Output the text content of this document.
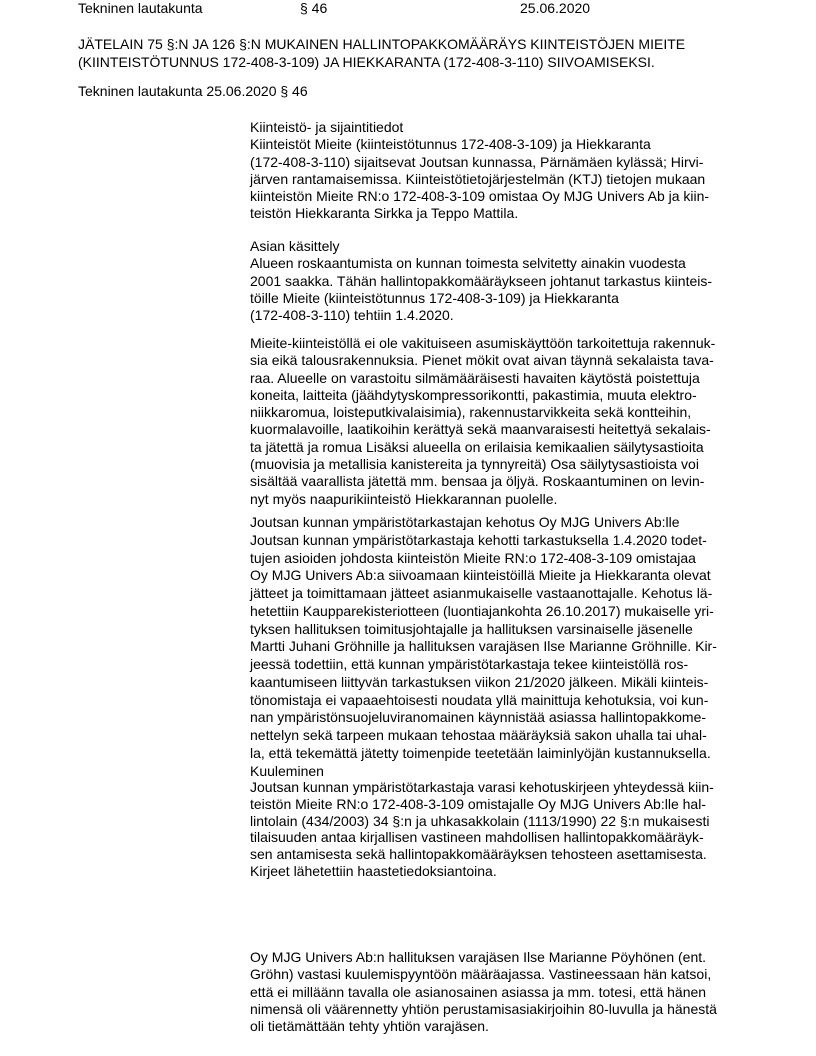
Tekninen lautakunta	§ 46	25.06.2020
JÄTELAIN 75 §:N JA 126 §:N MUKAINEN HALLINTOPAKKOMÄÄRÄYS KIINTEISTÖJEN MIEITE
(KIINTEISTÖTUNNUS 172-408-3-109) JA HIEKKARANTA (172-408-3-110) SIIVOAMISEKSI.
Tekninen lautakunta 25.06.2020 § 46
Kiinteistö- ja sijaintitiedot
Kiinteistöt Mieite (kiinteistötunnus 172-408-3-109) ja Hiekkaranta
(172-408-3-110) sijaitsevat Joutsan kunnassa, Pärnämäen kylässä; Hirvi-
järven rantamaisemissa. Kiinteistötietojärjestelmän (KTJ) tietojen mukaan
kiinteistön Mieite RN:o 172-408-3-109 omistaa Oy MJG Univers Ab ja kiin-
teistön Hiekkaranta Sirkka ja Teppo Mattila.
Asian käsittely
Alueen roskaantumista on kunnan toimesta selvitetty ainakin vuodesta
2001 saakka. Tähän hallintopakkomääräykseen johtanut tarkastus kiinteis-
töille Mieite (kiinteistötunnus 172-408-3-109) ja Hiekkaranta
(172-408-3-110) tehtiin 1.4.2020.
Mieite-kiinteistöllä ei ole vakituiseen asumiskäyttöön tarkoitettuja rakennuk-
sia eikä talousrakennuksia. Pienet mökit ovat aivan täynnä sekalaista tava-
raa. Alueelle on varastoitu silmämääräisesti havaiten käytöstä poistettuja
koneita, laitteita (jäähdytyskompressorikontti, pakastimia, muuta elektro-
niikkaromua, loisteputkivalaisimia), rakennustarvikkeita sekä kontteihin,
kuormalavoille, laatikoihin kerättyä sekä maanvaraisesti heitettyä sekalais-
ta jätettä ja romua Lisäksi alueella on erilaisia kemikaalien säilytysastioita
(muovisia ja metallisia kanistereita ja tynnyreitä) Osa säilytysastioista voi
sisältää vaarallista jätettä mm. bensaa ja öljyä. Roskaantuminen on levin-
nyt myös naapurikiinteistö Hiekkarannan puolelle.
Joutsan kunnan ympäristötarkastajan kehotus Oy MJG Univers Ab:lle
Joutsan kunnan ympäristötarkastaja kehotti tarkastuksella 1.4.2020 todet-
tujen asioiden johdosta kiinteistön Mieite RN:o 172-408-3-109 omistajaa
Oy MJG Univers Ab:a siivoamaan kiinteistöillä Mieite ja Hiekkaranta olevat
jätteet ja toimittamaan jätteet asianmukaiselle vastaanottajalle. Kehotus lä-
hetettiin Kaupparekisteriotteen (luontiajankohta 26.10.2017) mukaiselle yri-
tyksen hallituksen toimitusjohtajalle ja hallituksen varsinaiselle jäsenelle
Martti Juhani Gröhnille ja hallituksen varajäsen Ilse Marianne Gröhnille. Kir-
jeessä todettiin, että kunnan ympäristötarkastaja tekee kiinteistöllä ros-
kaantumiseen liittyvän tarkastuksen viikon 21/2020 jälkeen. Mikäli kiinteis-
tönomistaja ei vapaaehtoisesti noudata yllä mainittuja kehotuksia, voi kun-
nan ympäristönsuojeluviranomainen käynnistää asiassa hallintopakkome-
nettelyn sekä tarpeen mukaan tehostaa määräyksiä sakon uhalla tai uhal-
la, että tekemättä jätetty toimenpide teetetään laiminlyöjän kustannuksella.
Kuuleminen
Joutsan kunnan ympäristötarkastaja varasi kehotuskirjeen yhteydessä kiin-
teistön Mieite RN:o 172-408-3-109 omistajalle Oy MJG Univers Ab:lle hal-
lintolain (434/2003) 34 §:n ja uhkasakkolain (1113/1990) 22 §:n mukaisesti
tilaisuuden antaa kirjallisen vastineen mahdollisen hallintopakkomääräyk-
sen antamisesta sekä hallintopakkomääräyksen tehosteen asettamisesta.
Kirjeet lähetettiin haastetiedoksiantoina.
Oy MJG Univers Ab:n hallituksen varajäsen Ilse Marianne Pöyhönen (ent.
Gröhn) vastasi kuulemispyyntöön määräajassa. Vastineessaan hän katsoi,
että ei milläänn tavalla ole asianosainen asiassa ja mm. totesi, että hänen
nimensä oli väärennetty yhtiön perustamisasiakirjoihin 80-luvulla ja hänestä
oli tietämättään tehty yhtiön varajäsen.
